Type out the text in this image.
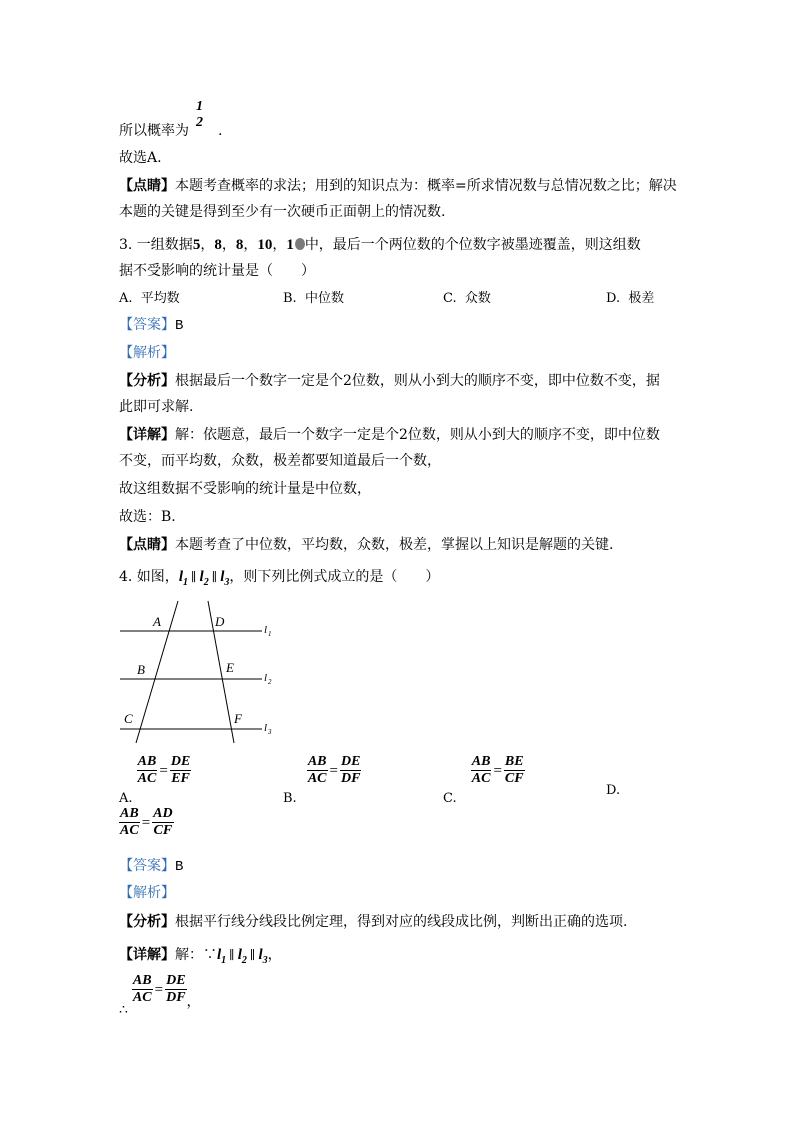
所以概率为
1
2
.
故选A.
【点睛】本题考查概率的求法；用到的知识点为：概率=所求情况数与总情况数之比；解决
本题的关键是得到至少有一次硬币正面朝上的情况数.
3. 一组数据5，8，8，10，1 中，最后一个两位数的个位数字被墨迹覆盖，则这组数
据不受影响的统计量是（　　）
A. 平均数	B. 中位数	C. 众数	D. 极差
【答案】B
【解析】
【分析】根据最后一个数字一定是个2位数，则从小到大的顺序不变，即中位数不变，据
此即可求解.
【详解】解：依题意，最后一个数字一定是个2位数，则从小到大的顺序不变，即中位数
不变，而平均数，众数，极差都要知道最后一个数，
故这组数据不受影响的统计量是中位数，
故选：B.
【点睛】本题考查了中位数，平均数，众数，极差，掌握以上知识是解题的关键.
4. 如图，$l_1$ ∥ $l_2$ ∥ $l_3$，则下列比例式成立的是（　　）
A	D
B	E
C	F
l 1
l 2
l 3
A.
$\frac{AB}{AC} = \frac{DE}{EF}$
B.
$\frac{AB}{AC} = \frac{DE}{DF}$
C.
$\frac{AB}{AC} = \frac{BE}{CF}$
D.
$\frac{AB}{AC} = \frac{AD}{CF}$
【答案】B
【解析】
【分析】根据平行线分线段比例定理，得到对应的线段成比例，判断出正确的选项.
【详解】解：$\because l_1$ ∥ $l_2$ ∥ $l_3$，
∴
$\frac{AB}{AC} = \frac{DE}{DF}$ ，
